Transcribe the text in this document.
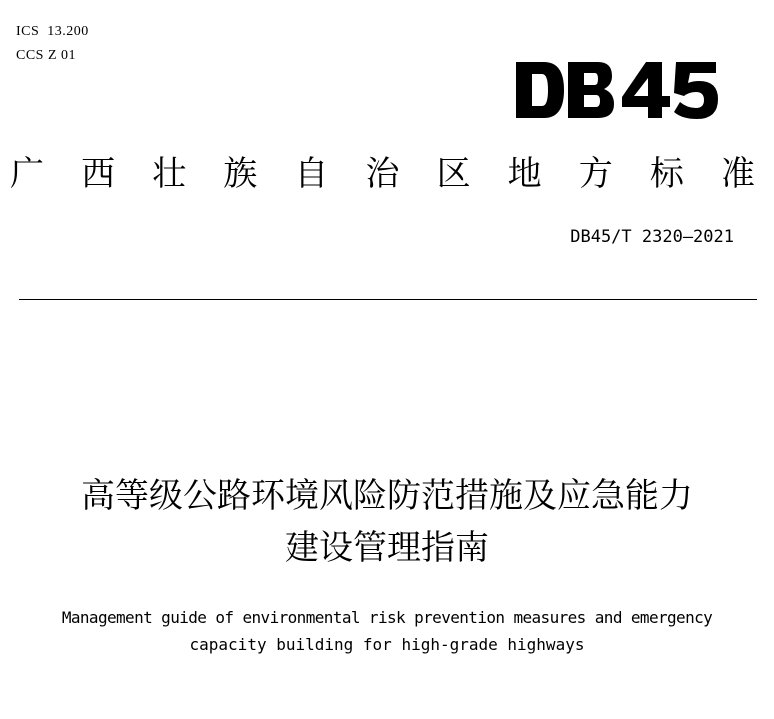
ICS  13.200
CCS Z 01
广 西 壮 族 自 治 区 地 方 标 准
DB45/T 2320—2021
高等级公路环境风险防范措施及应急能力
建设管理指南
Management guide of environmental risk prevention measures and emergency
capacity building for high-grade highways
